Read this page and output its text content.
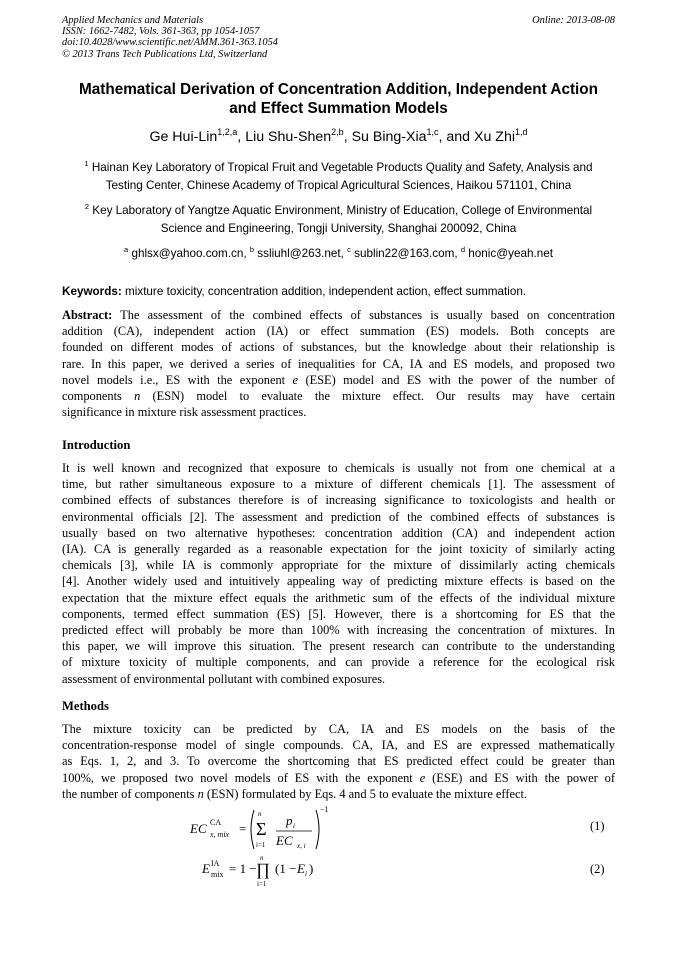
Applied Mechanics and Materials
ISSN: 1662-7482, Vols. 361-363, pp 1054-1057
doi:10.4028/www.scientific.net/AMM.361-363.1054
© 2013 Trans Tech Publications Ltd, Switzerland
Online: 2013-08-08
Mathematical Derivation of Concentration Addition, Independent Action
and Effect Summation Models
Ge Hui-Lin$^{1,2,a}$, Liu Shu-Shen$^{2,b}$, Su Bing-Xia$^{1,c}$, and Xu Zhi$^{1,d}$
$^1$ Hainan Key Laboratory of Tropical Fruit and Vegetable Products Quality and Safety, Analysis and
Testing Center, Chinese Academy of Tropical Agricultural Sciences, Haikou 571101, China
$^2$ Key Laboratory of Yangtze Aquatic Environment, Ministry of Education, College of Environmental
Science and Engineering, Tongji University, Shanghai 200092, China
$^a$ ghlsx@yahoo.com.cn, $^b$ ssliuhl@263.net, $^c$ sublin22@163.com, $^d$ honic@yeah.net
Keywords: mixture toxicity, concentration addition, independent action, effect summation.
Abstract: The assessment of the combined effects of substances is usually based on concentration
addition (CA), independent action (IA) or effect summation (ES) models. Both concepts are
founded on different modes of actions of substances, but the knowledge about their relationship is
rare. In this paper, we derived a series of inequalities for CA, IA and ES models, and proposed two
novel models i.e., ES with the exponent e (ESE) model and ES with the power of the number of
components n (ESN) model to evaluate the mixture effect. Our results may have certain
significance in mixture risk assessment practices.
Introduction
It is well known and recognized that exposure to chemicals is usually not from one chemical at a
time, but rather simultaneous exposure to a mixture of different chemicals [1]. The assessment of
combined effects of substances therefore is of increasing significance to toxicologists and health or
environmental officials [2]. The assessment and prediction of the combined effects of substances is
usually based on two alternative hypotheses: concentration addition (CA) and independent action
(IA). CA is generally regarded as a reasonable expectation for the joint toxicity of similarly acting
chemicals [3], while IA is commonly appropriate for the mixture of dissimilarly acting chemicals
[4]. Another widely used and intuitively appealing way of predicting mixture effects is based on the
expectation that the mixture effect equals the arithmetic sum of the effects of the individual mixture
components, termed effect summation (ES) [5]. However, there is a shortcoming for ES that the
predicted effect will probably be more than 100% with increasing the concentration of mixtures. In
this paper, we will improve this situation. The present research can contribute to the understanding
of mixture toxicity of multiple components, and can provide a reference for the ecological risk
assessment of environmental pollutant with combined exposures.
Methods
The mixture toxicity can be predicted by CA, IA and ES models on the basis of the
concentration-response model of single compounds. CA, IA, and ES are expressed mathematically
as Eqs. 1, 2, and 3. To overcome the shortcoming that ES predicted effect could be greater than
100%, we proposed two novel models of ES with the exponent e (ESE) and ES with the power of
the number of components n (ESN) formulated by Eqs. 4 and 5 to evaluate the mixture effect.
EC CA
x, mix =
n
Σ
i=1
p i
EC x, i
−1
(1)
E IA
mix = 1 −
n
∏
i=1
(1 − E i )	(2)
